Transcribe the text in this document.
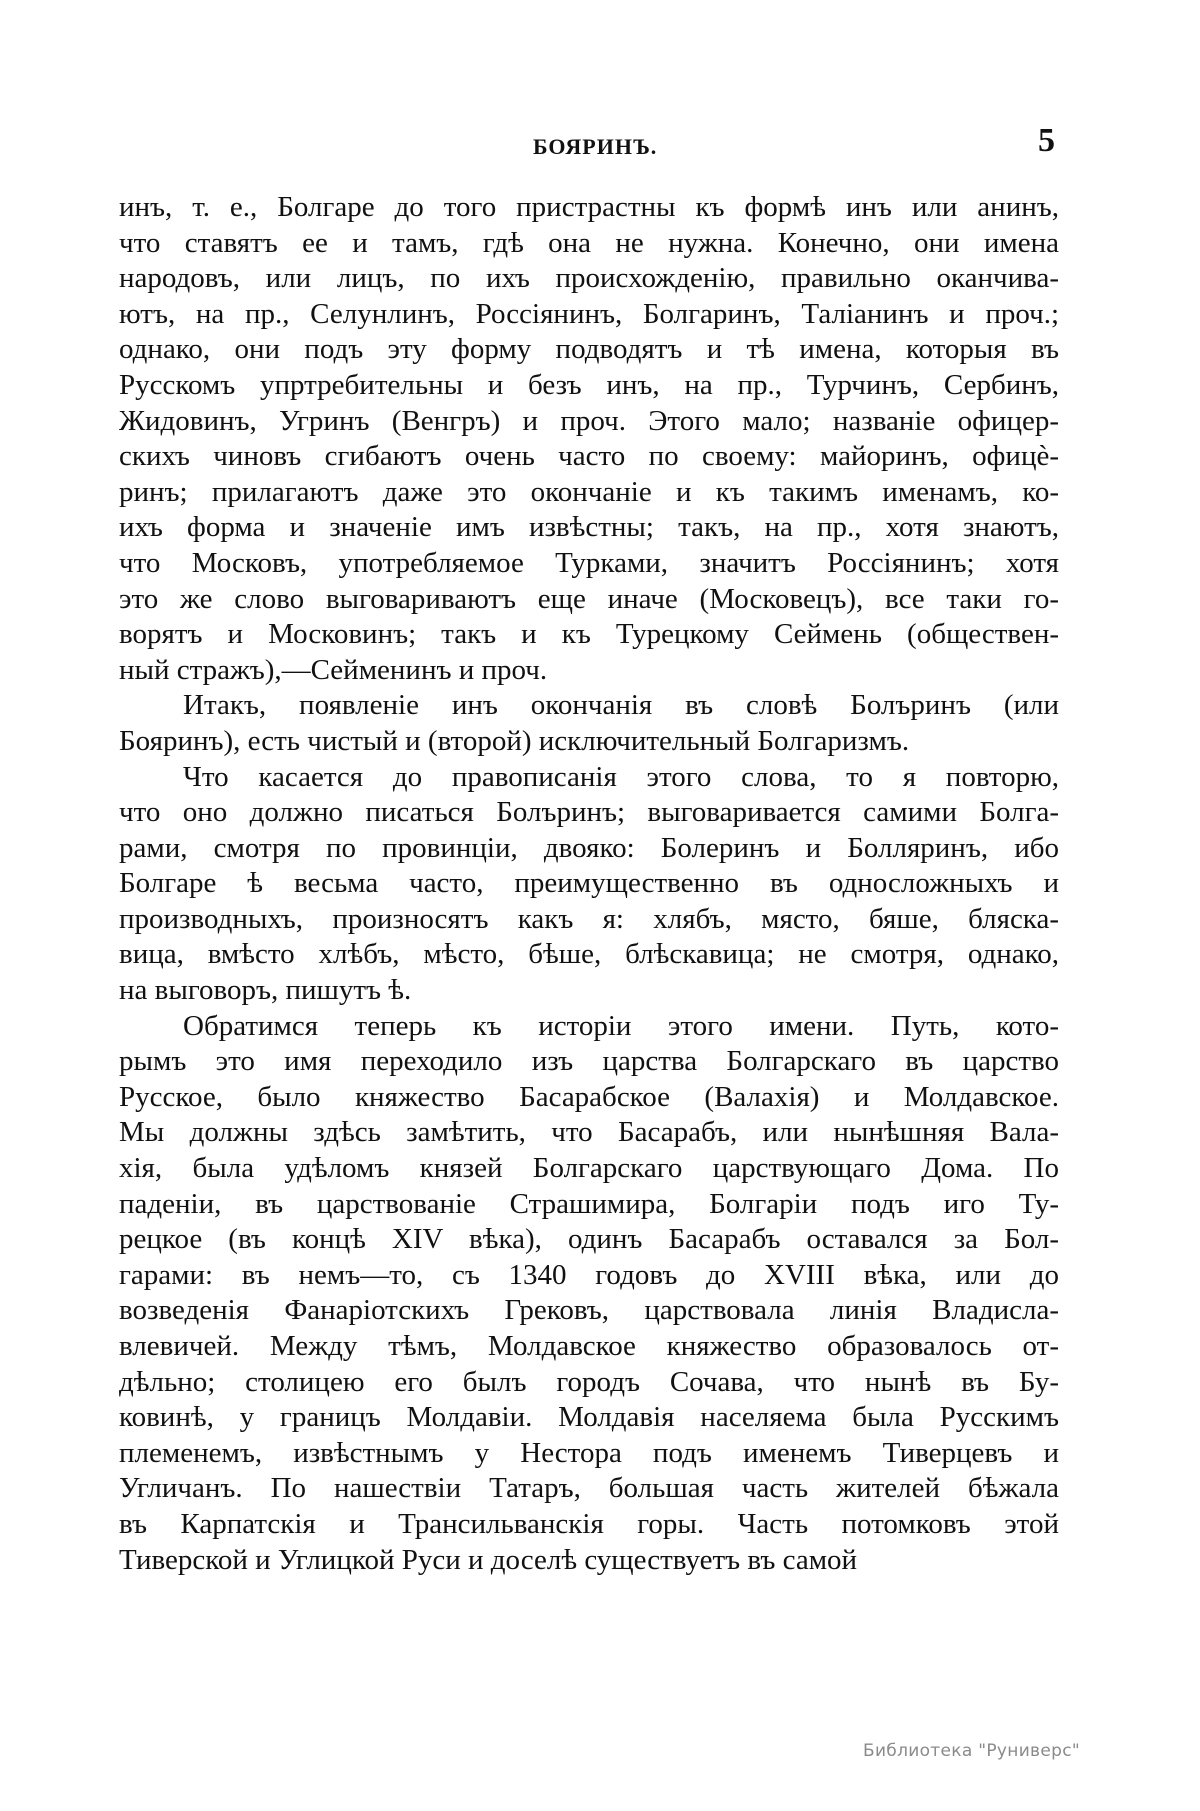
БОЯРИНЪ.	5

инъ, т. е., Болгаре до того пристрастны къ формѣ инъ или анинъ,
что ставятъ ее и тамъ, гдѣ она не нужна. Конечно, они имена
народовъ, или лицъ, по ихъ происхожденію, правильно оканчива-
ютъ, на пр., Селунлинъ, Россіянинъ, Болгаринъ, Таліанинъ и проч.;
однако, они подъ эту форму подводятъ и тѣ имена, которыя въ
Русскомъ упртребительны и безъ инъ, на пр., Турчинъ, Сербинъ,
Жидовинъ, Угринъ (Венгръ) и проч. Этого мало; названіе офицер-
скихъ чиновъ сгибаютъ очень часто по своему: майоринъ, офицѐ-
ринъ; прилагаютъ даже это окончаніе и къ такимъ именамъ, ко-
ихъ форма и значеніе имъ извѣстны; такъ, на пр., хотя знаютъ,
что Московъ, употребляемое Турками, значитъ Россіянинъ; хотя
это же слово выговариваютъ еще иначе (Московецъ), все таки го-
ворятъ и Московинъ; такъ и къ Турецкому Сеймень (обществен-
ный стражъ),—Сейменинъ и проч.

Итакъ, появленіе инъ окончанія въ словѣ Болъринъ (или
Бояринъ), есть чистый и (второй) исключительный Болгаризмъ.

Что касается до правописанія этого слова, то я повторю,
что оно должно писаться Болъринъ; выговаривается самими Болга-
рами, смотря по провинціи, двояко: Болеринъ и Болляринъ, ибо
Болгаре ѣ весьма часто, преимущественно въ односложныхъ и
производныхъ, произносятъ какъ я: хлябъ, място, бяше, бляска-
вица, вмѣсто хлѣбъ, мѣсто, бѣше, блѣскавица; не смотря, однако,
на выговоръ, пишутъ ѣ.

Обратимся теперь къ исторіи этого имени. Путь, кото-
рымъ это имя переходило изъ царства Болгарскаго въ царство
Русское, было княжество Басарабское (Валахія) и Молдавское.
Мы должны здѣсь замѣтить, что Басарабъ, или нынѣшняя Вала-
хія, была удѣломъ князей Болгарскаго царствующаго Дома. По
паденіи, въ царствованіе Страшимира, Болгаріи подъ иго Ту-
рецкое (въ концѣ XIV вѣка), одинъ Басарабъ оставался за Бол-
гарами: въ немъ—то, съ 1340 годовъ до XVIII вѣка, или до
возведенія Фанаріотскихъ Грековъ, царствовала линія Владисла-
влевичей. Между тѣмъ, Молдавское княжество образовалось от-
дѣльно; столицею его былъ городъ Сочава, что нынѣ въ Бу-
ковинѣ, у границъ Молдавіи. Молдавія населяема была Русскимъ
племенемъ, извѣстнымъ у Нестора подъ именемъ Тиверцевъ и
Угличанъ. По нашествіи Татаръ, большая часть жителей бѣжала
въ Карпатскія и Трансильванскія горы. Часть потомковъ этой
Тиверской и Углицкой Руси и доселѣ существуетъ въ самой

Библиотека "Руниверс"
